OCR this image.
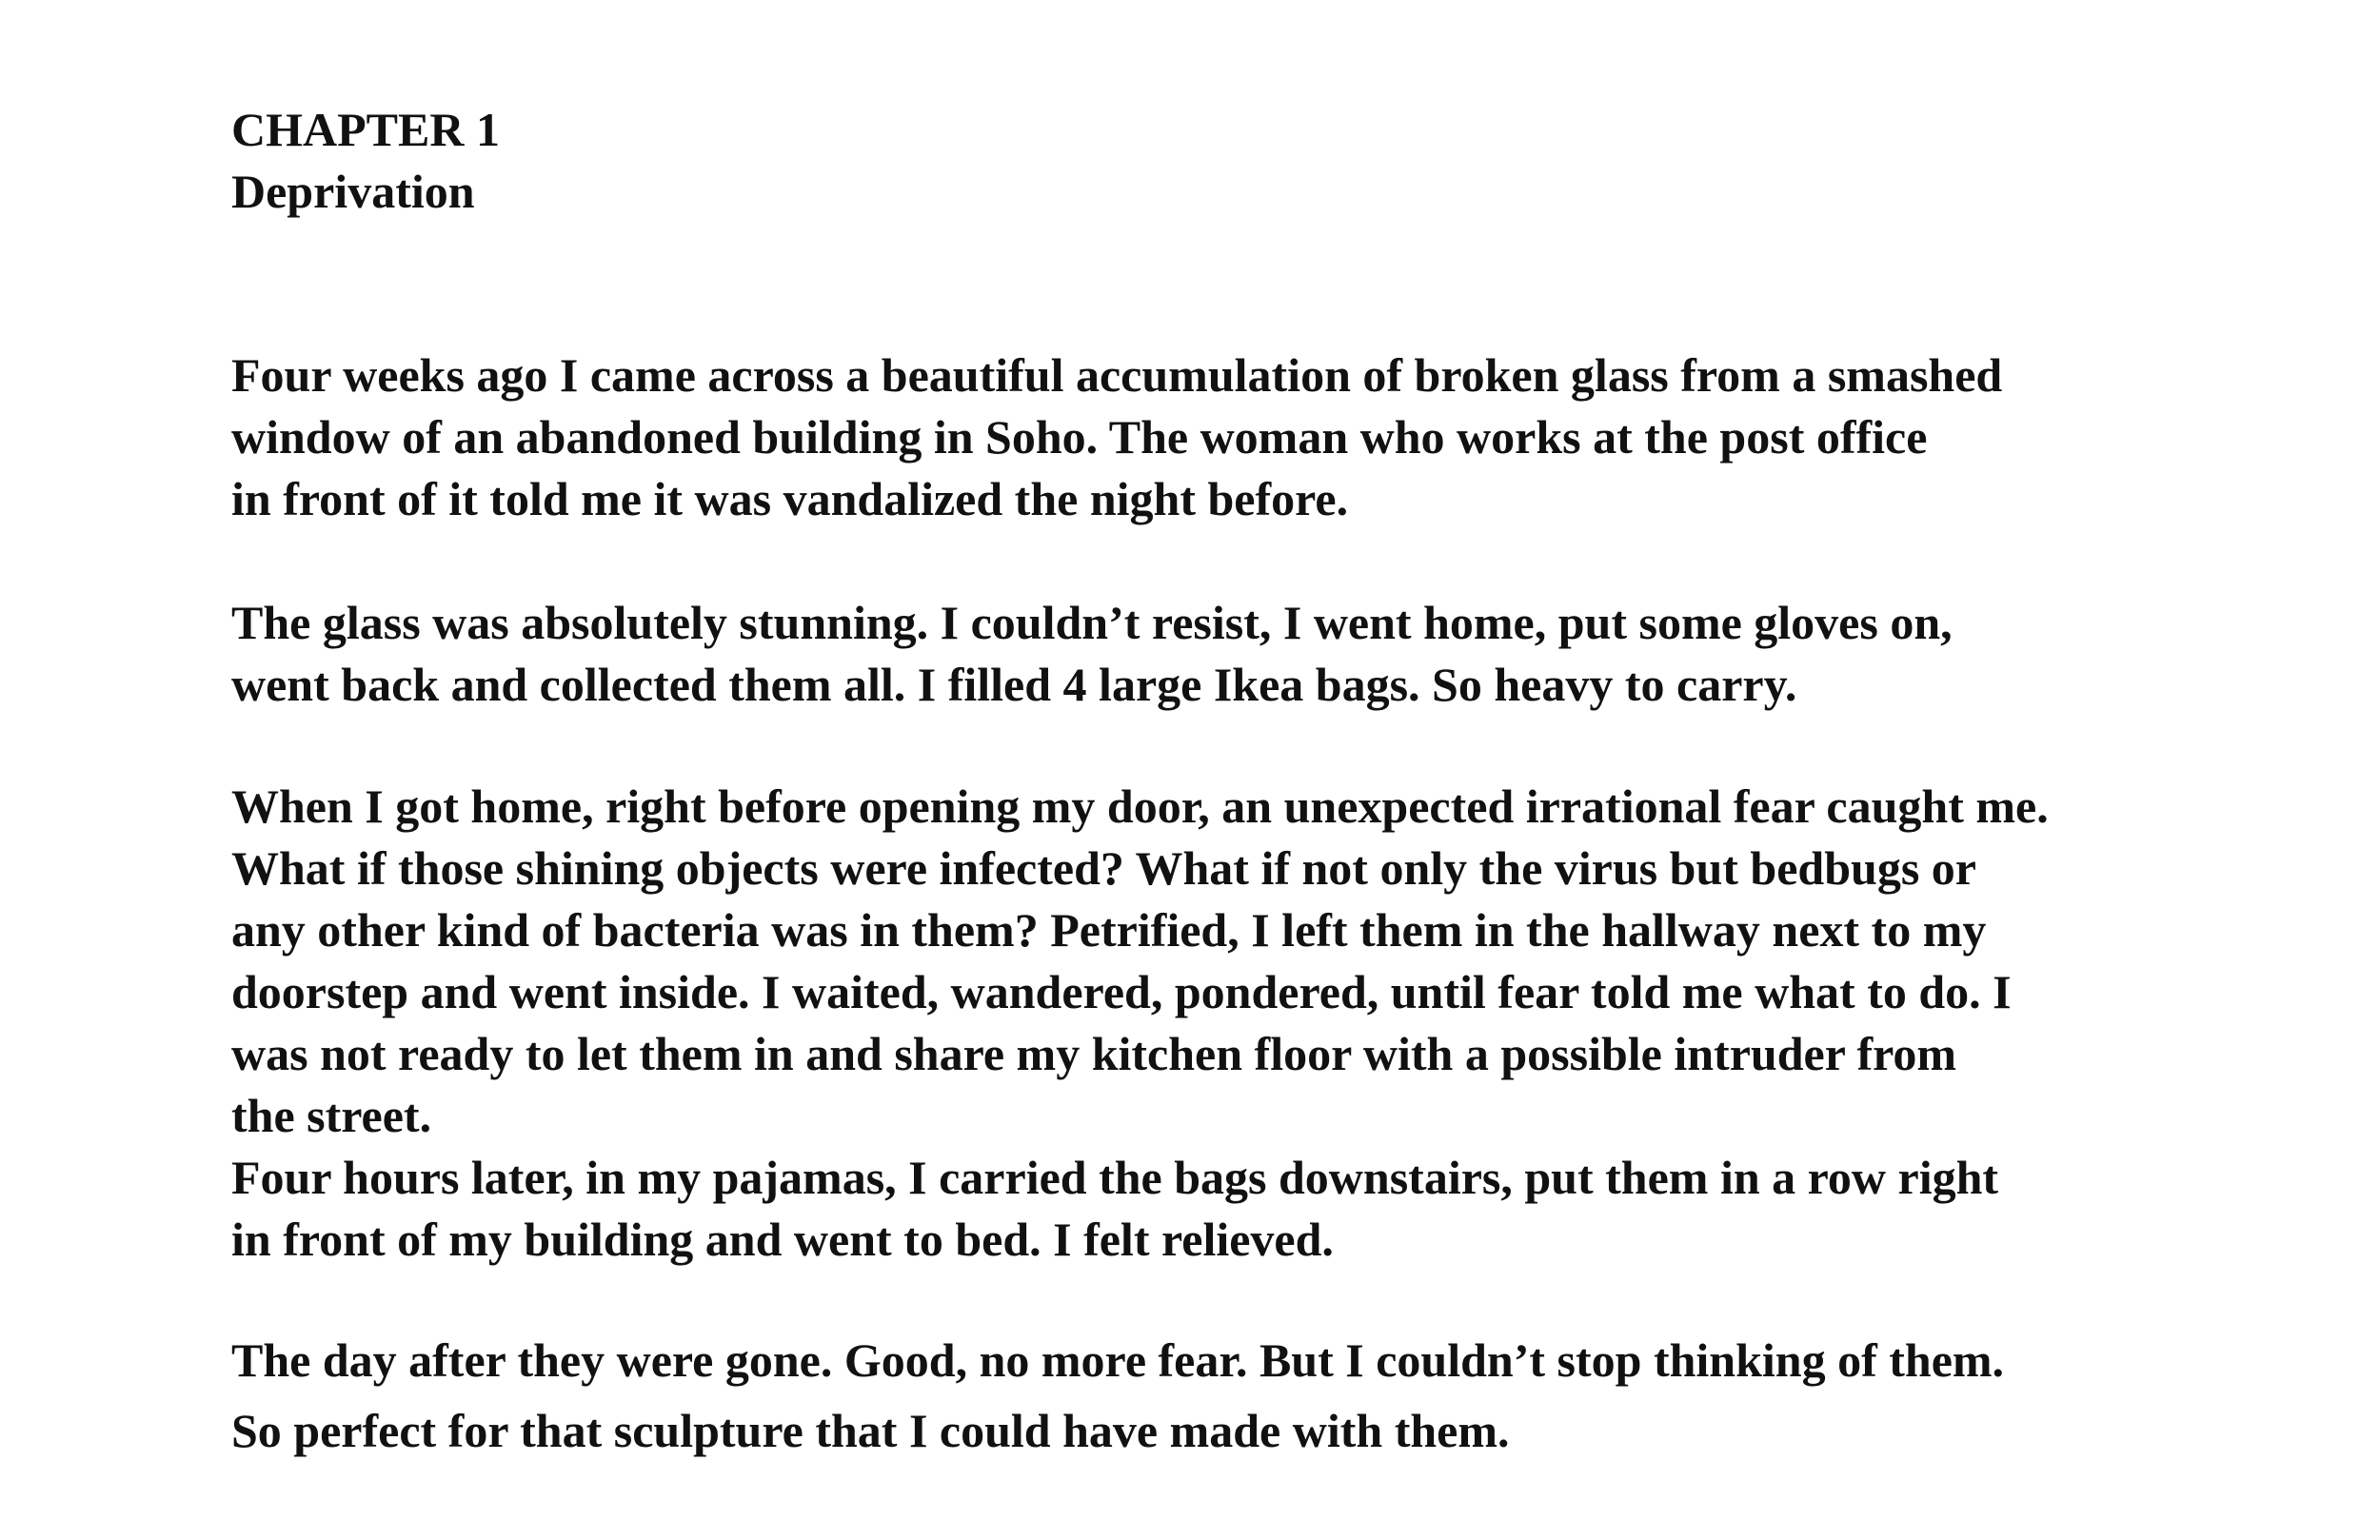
CHAPTER 1
Deprivation
Four weeks ago I came across a beautiful accumulation of broken glass from a smashed
window of an abandoned building in Soho. The woman who works at the post office
in front of it told me it was vandalized the night before.
The glass was absolutely stunning. I couldn’t resist, I went home, put some gloves on,
went back and collected them all. I filled 4 large Ikea bags. So heavy to carry.
When I got home, right before opening my door, an unexpected irrational fear caught me.
What if those shining objects were infected? What if not only the virus but bedbugs or
any other kind of bacteria was in them? Petrified, I left them in the hallway next to my
doorstep and went inside. I waited, wandered, pondered, until fear told me what to do. I
was not ready to let them in and share my kitchen floor with a possible intruder from
the street.
Four hours later, in my pajamas, I carried the bags downstairs, put them in a row right
in front of my building and went to bed. I felt relieved.
The day after they were gone. Good, no more fear. But I couldn’t stop thinking of them.
So perfect for that sculpture that I could have made with them.
